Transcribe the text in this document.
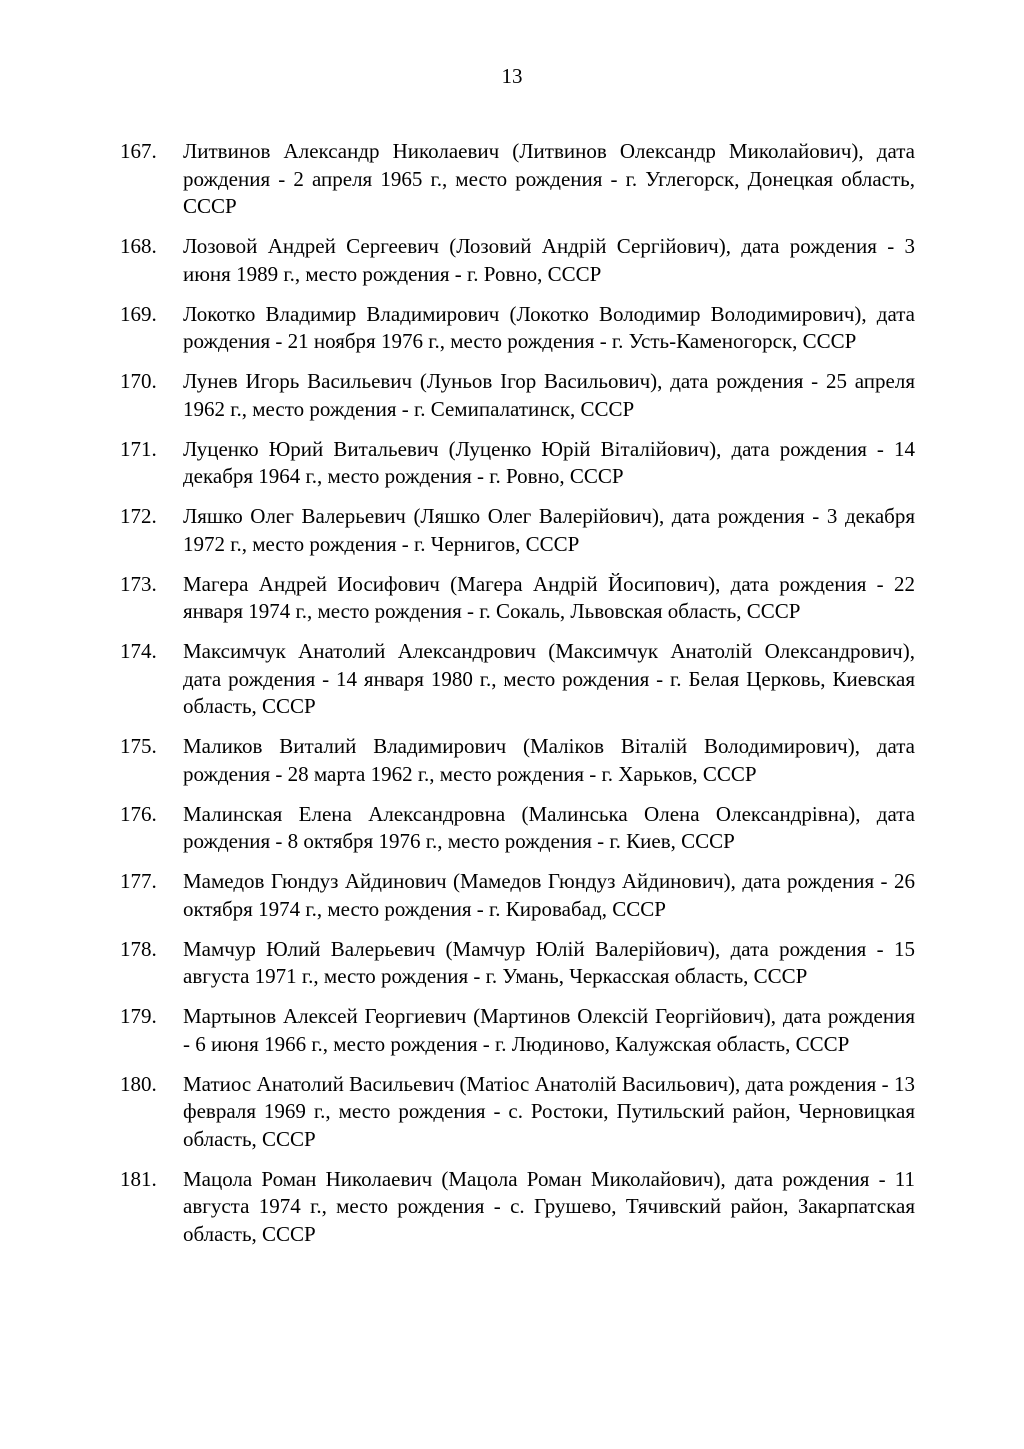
13
167.	Литвинов Александр Николаевич (Литвинов Олександр Миколайович), дата рождения - 2 апреля 1965 г., место рождения - г. Углегорск, Донецкая область, СССР
168.	Лозовой Андрей Сергеевич (Лозовий Андрій Сергійович), дата рождения - 3 июня 1989 г., место рождения - г. Ровно, СССР
169.	Локотко Владимир Владимирович (Локотко Володимир Володимирович), дата рождения - 21 ноября 1976 г., место рождения - г. Усть-Каменогорск, СССР
170.	Лунев Игорь Васильевич (Луньов Ігор Васильович), дата рождения - 25 апреля 1962 г., место рождения - г. Семипалатинск, СССР
171.	Луценко Юрий Витальевич (Луценко Юрій Віталійович), дата рождения - 14 декабря 1964 г., место рождения - г. Ровно, СССР
172.	Ляшко Олег Валерьевич (Ляшко Олег Валерійович), дата рождения - 3 декабря 1972 г., место рождения - г. Чернигов, СССР
173.	Магера Андрей Иосифович (Магера Андрій Йосипович), дата рождения - 22 января 1974 г., место рождения - г. Сокаль, Львовская область, СССР
174.	Максимчук Анатолий Александрович (Максимчук Анатолій Олександрович), дата рождения - 14 января 1980 г., место рождения - г. Белая Церковь, Киевская область, СССР
175.	Маликов Виталий Владимирович (Маліков Віталій Володимирович), дата рождения - 28 марта 1962 г., место рождения - г. Харьков, СССР
176.	Малинская Елена Александровна (Малинська Олена Олександрівна), дата рождения - 8 октября 1976 г., место рождения - г. Киев, СССР
177.	Мамедов Гюндуз Айдинович (Мамедов Гюндуз Айдинович), дата рождения - 26 октября 1974 г., место рождения - г. Кировабад, СССР
178.	Мамчур Юлий Валерьевич (Мамчур Юлій Валерійович), дата рождения - 15 августа 1971 г., место рождения - г. Умань, Черкасская область, СССР
179.	Мартынов Алексей Георгиевич (Мартинов Олексій Георгійович), дата рождения - 6 июня 1966 г., место рождения - г. Людиново, Калужская область, СССР
180.	Матиос Анатолий Васильевич (Матіос Анатолій Васильович), дата рождения - 13 февраля 1969 г., место рождения - с. Ростоки, Путильский район, Черновицкая область, СССР
181.	Мацола Роман Николаевич (Мацола Роман Миколайович), дата рождения - 11 августа 1974 г., место рождения - с. Грушево, Тячивский район, Закарпатская область, СССР
